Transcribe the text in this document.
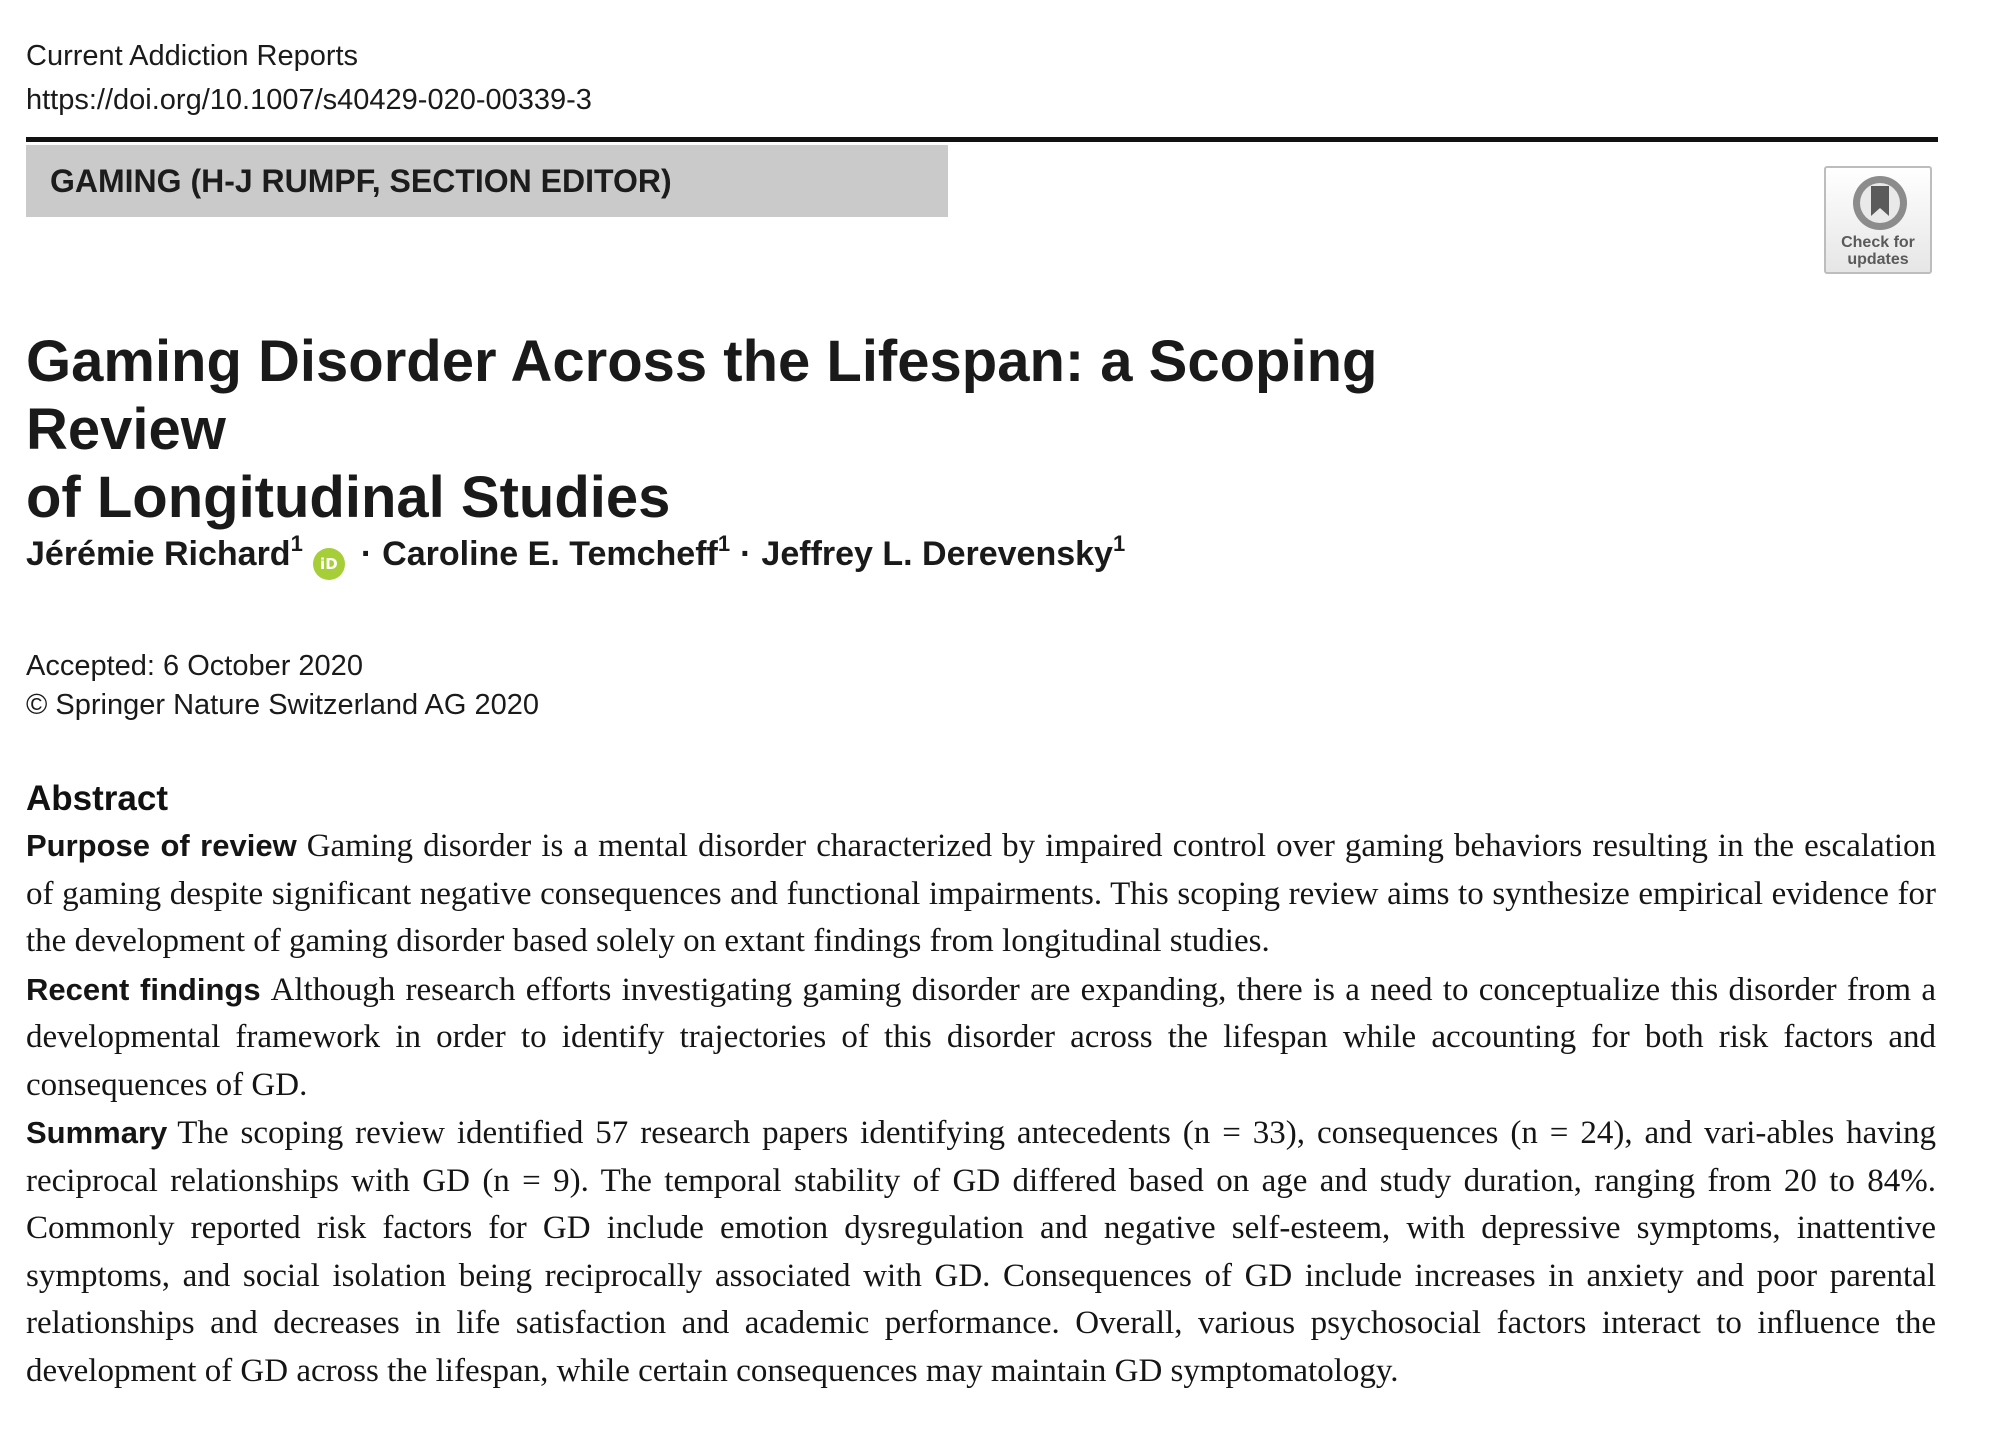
Current Addiction Reports
https://doi.org/10.1007/s40429-020-00339-3
GAMING (H-J RUMPF, SECTION EDITOR)
Check for
updates
Gaming Disorder Across the Lifespan: a Scoping Review
of Longitudinal Studies
Jérémie Richard$^1$iD · Caroline E. Temcheff$^1$ · Jeffrey L. Derevensky$^1$
Accepted: 6 October 2020
© Springer Nature Switzerland AG 2020
Abstract

Purpose of review Gaming disorder is a mental disorder characterized by impaired control over gaming behaviors resulting in the escalation of gaming despite significant negative consequences and functional impairments. This scoping review aims to synthesize empirical evidence for the development of gaming disorder based solely on extant findings from longitudinal studies.

Recent findings Although research efforts investigating gaming disorder are expanding, there is a need to conceptualize this disorder from a developmental framework in order to identify trajectories of this disorder across the lifespan while accounting for both risk factors and consequences of GD.

Summary The scoping review identified 57 research papers identifying antecedents (n = 33), consequences (n = 24), and vari-ables having reciprocal relationships with GD (n = 9). The temporal stability of GD differed based on age and study duration, ranging from 20 to 84%. Commonly reported risk factors for GD include emotion dysregulation and negative self-esteem, with depressive symptoms, inattentive symptoms, and social isolation being reciprocally associated with GD. Consequences of GD include increases in anxiety and poor parental relationships and decreases in life satisfaction and academic performance. Overall, various psychosocial factors interact to influence the development of GD across the lifespan, while certain consequences may maintain GD symptomatology.
